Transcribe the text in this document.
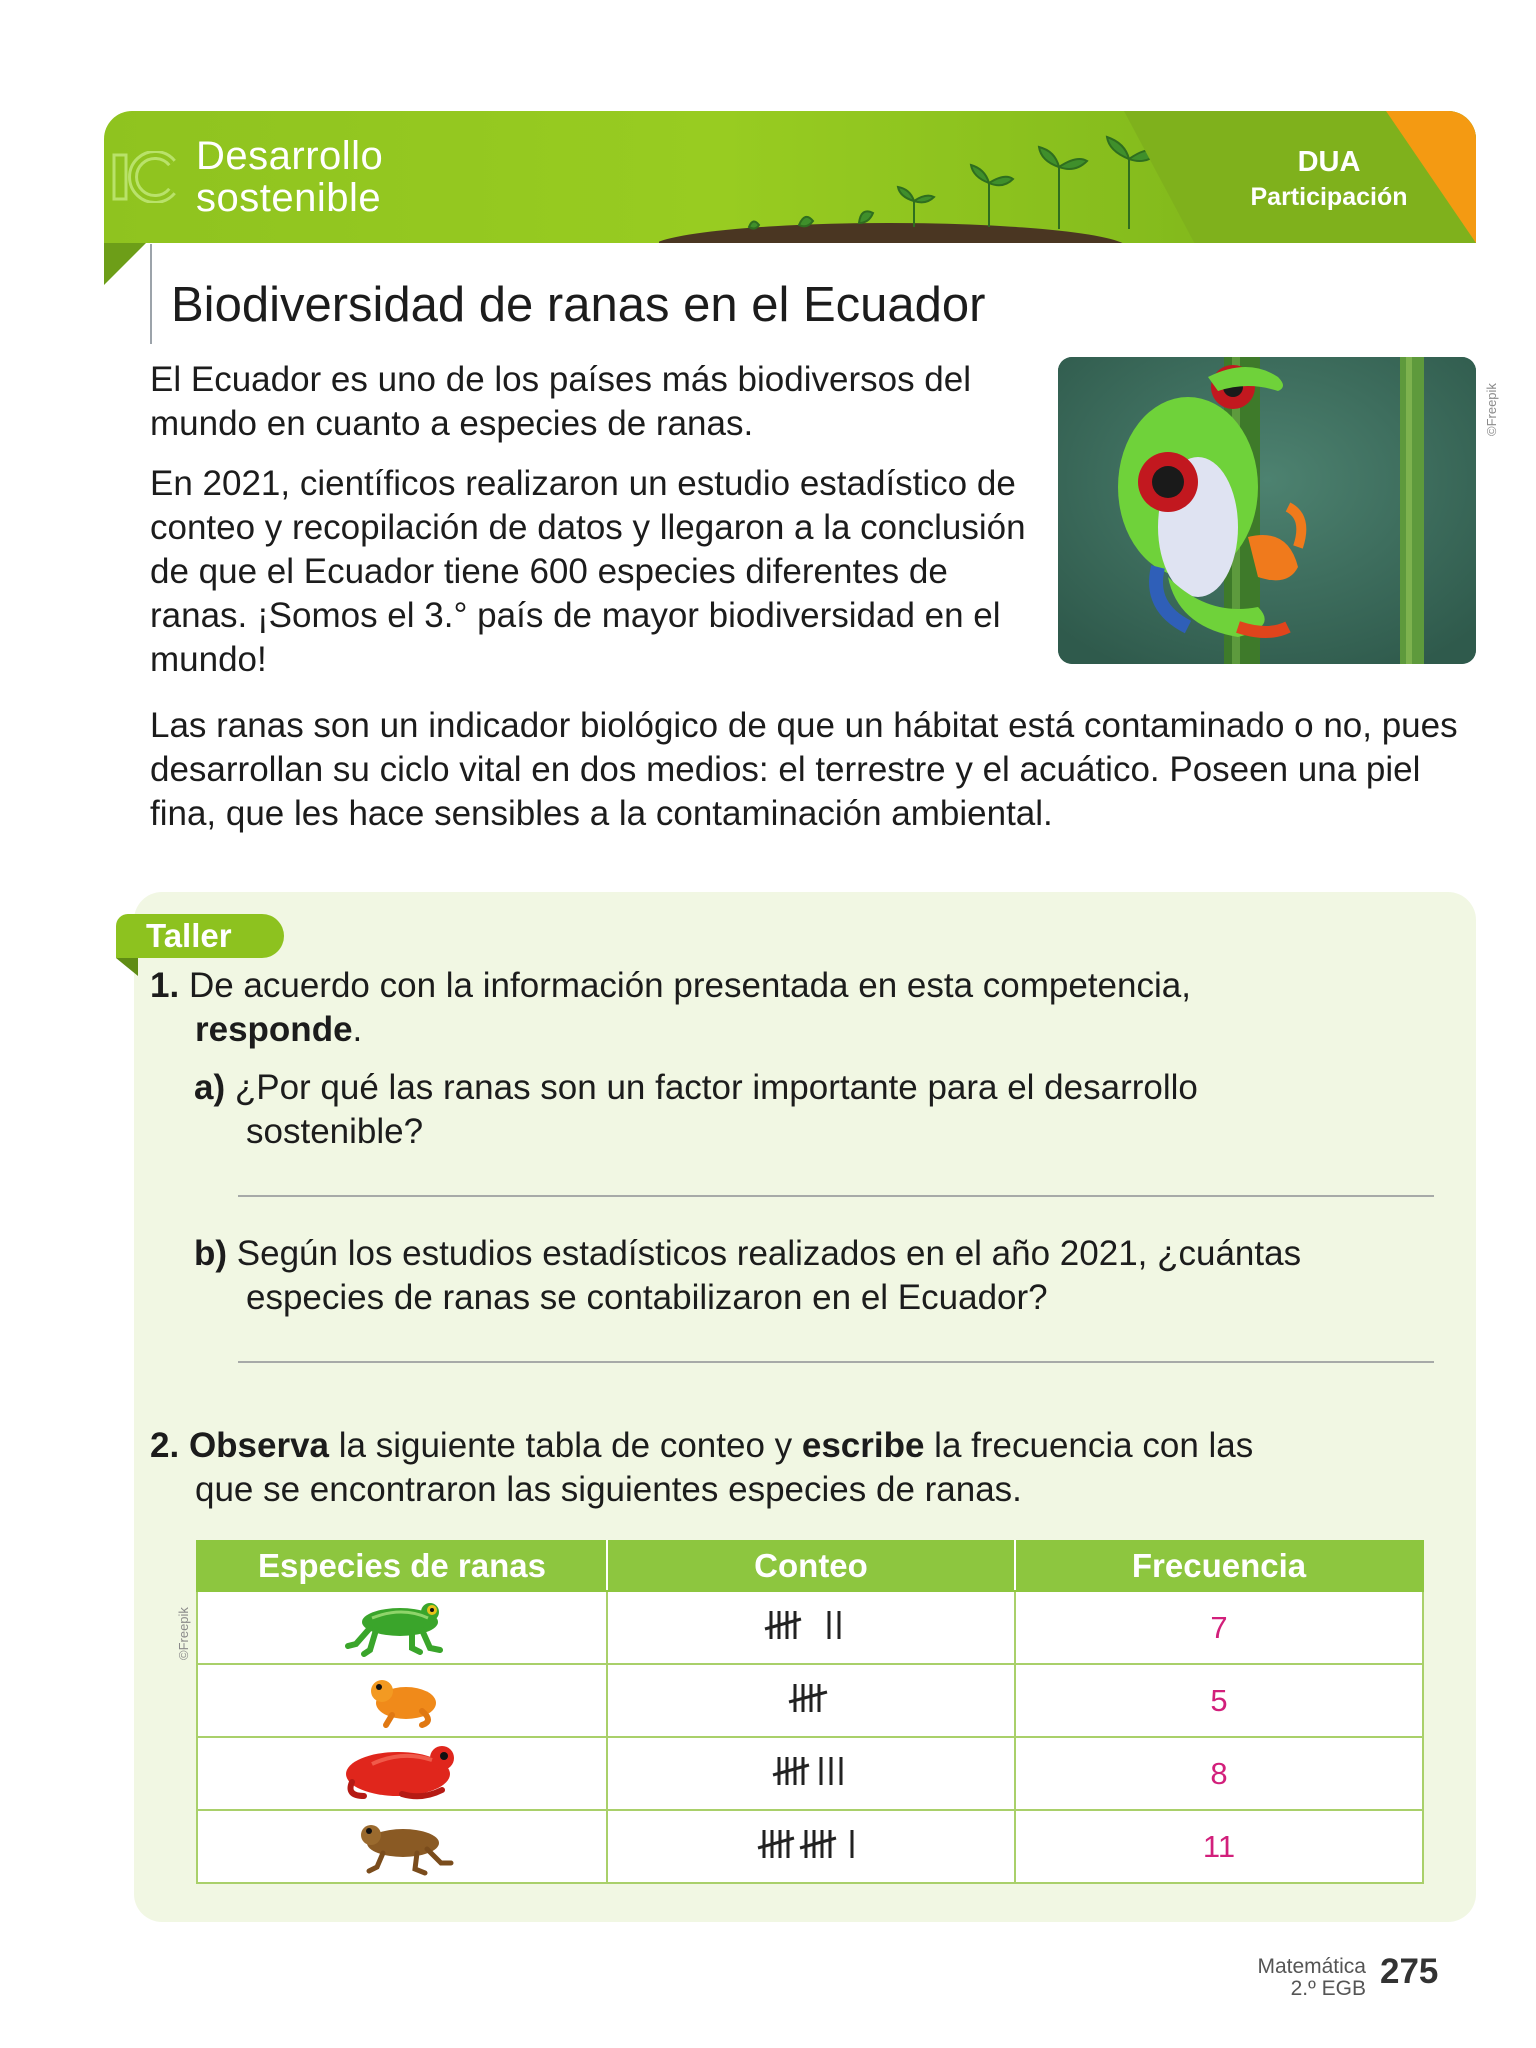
Desarrollo
sostenible
DUA
Participación
Biodiversidad de ranas en el Ecuador

El Ecuador es uno de los países más biodiversos del mundo en cuanto a especies de ranas.

En 2021, científicos realizaron un estudio estadístico de conteo y recopilación de datos y llegaron a la conclusión de que el Ecuador tiene 600 especies diferentes de ranas. ¡Somos el 3.° país de mayor biodiversidad en el mundo!

©Freepik

Las ranas son un indicador biológico de que un hábitat está contaminado o no, pues desarrollan su ciclo vital en dos medios: el terrestre y el acuático. Poseen una piel fina, que les hace sensibles a la contaminación ambiental.

Taller
1. De acuerdo con la información presentada en esta competencia,
responde.
a) ¿Por qué las ranas son un factor importante para el desarrollo
sostenible?
b) Según los estudios estadísticos realizados en el año 2021, ¿cuántas
especies de ranas se contabilizaron en el Ecuador?
2. Observa la siguiente tabla de conteo y escribe la frecuencia con las
que se encontraron las siguientes especies de ranas.
©Freepik
Especies de ranas	Conteo	Frecuencia
		7
		5
		8
		11
Matemática
2.º EGB 275
